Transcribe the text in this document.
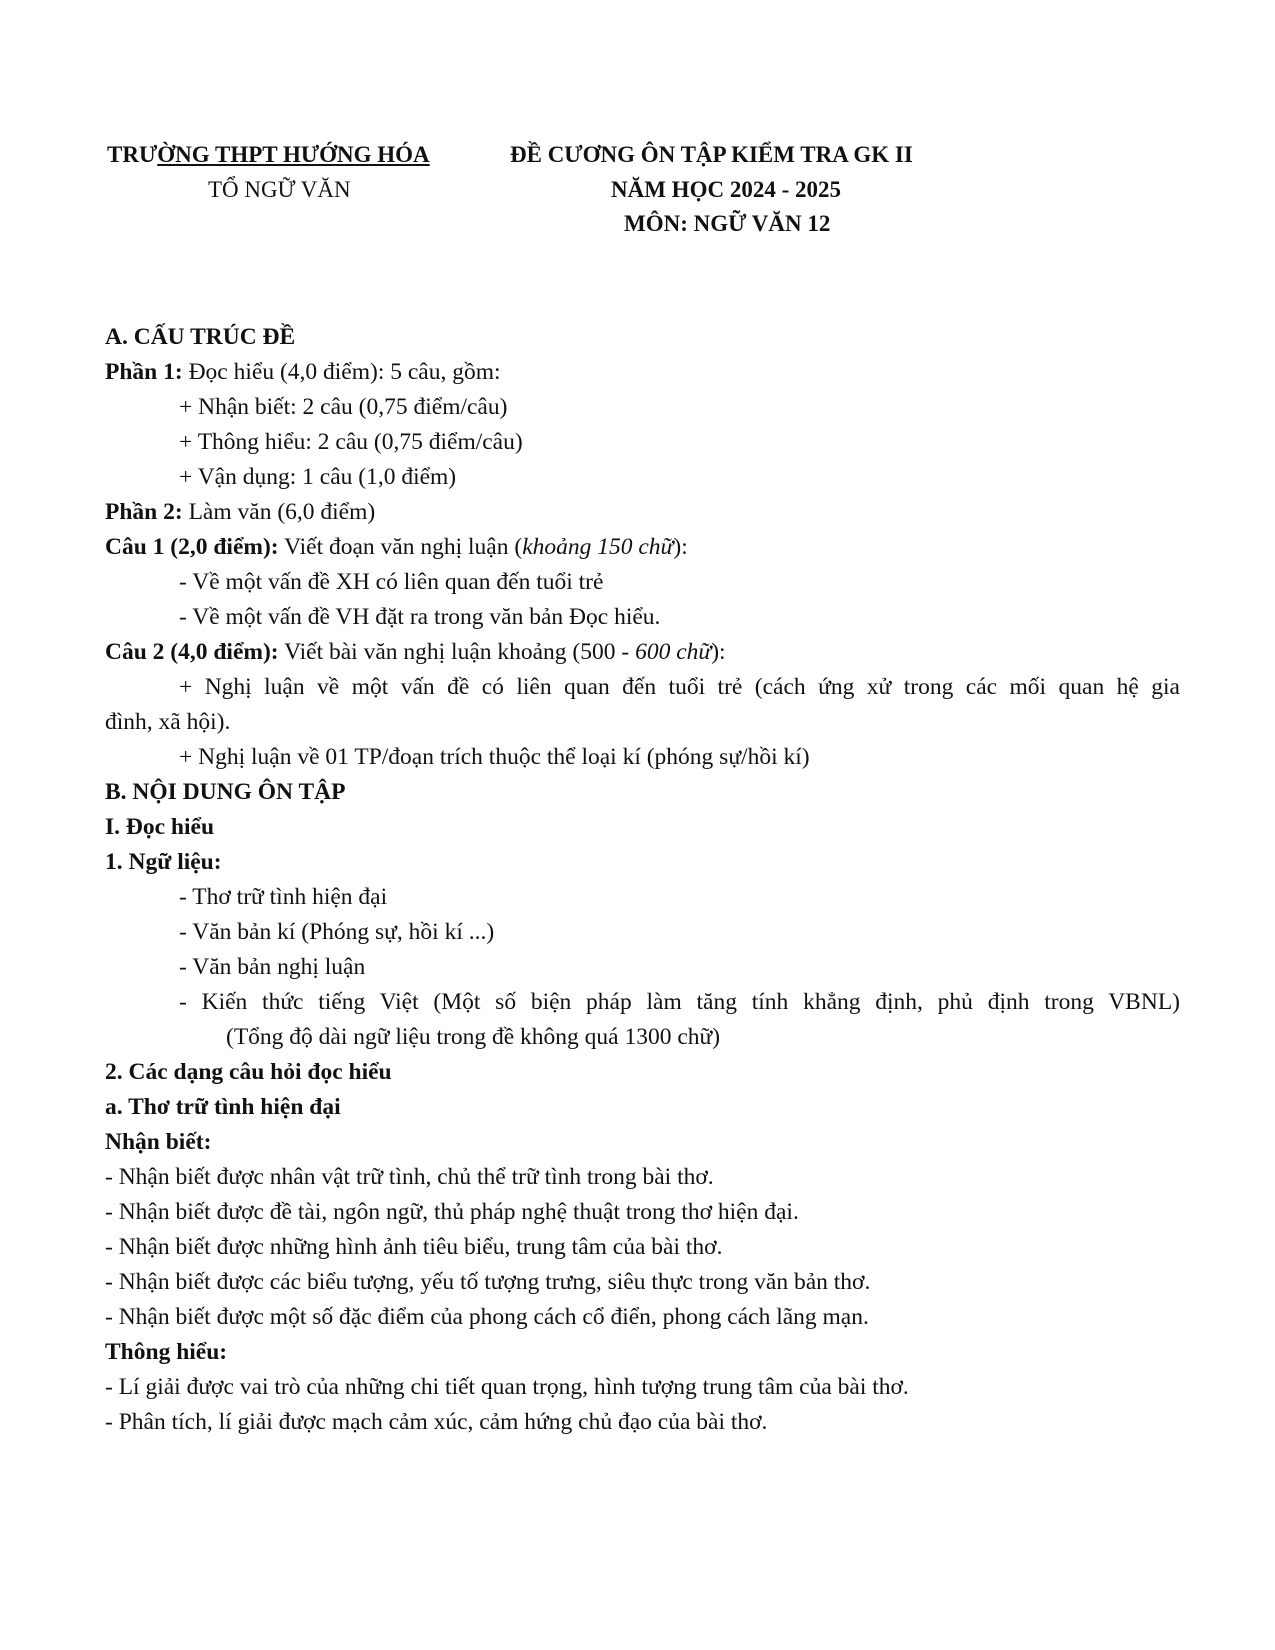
TRƯỜNG THPT HƯỚNG HÓA
TỔ NGỮ VĂN
ĐỀ CƯƠNG ÔN TẬP KIỂM TRA GK II
NĂM HỌC 2024 - 2025
MÔN: NGỮ VĂN 12
A. CẤU TRÚC ĐỀ
Phần 1: Đọc hiểu (4,0 điểm): 5 câu, gồm:
+ Nhận biết: 2 câu (0,75 điểm/câu)
+ Thông hiểu: 2 câu (0,75 điểm/câu)
+ Vận dụng: 1 câu (1,0 điểm)
Phần 2: Làm văn (6,0 điểm)
Câu 1 (2,0 điểm): Viết đoạn văn nghị luận (khoảng 150 chữ):
- Về một vấn đề XH có liên quan đến tuổi trẻ
- Về một vấn đề VH đặt ra trong văn bản Đọc hiểu.
Câu 2 (4,0 điểm): Viết bài văn nghị luận khoảng (500 - 600 chữ):
+ Nghị luận về một vấn đề có liên quan đến tuổi trẻ (cách ứng xử trong các mối quan hệ gia
đình, xã hội).
+ Nghị luận về 01 TP/đoạn trích thuộc thể loại kí (phóng sự/hồi kí)
B. NỘI DUNG ÔN TẬP
I. Đọc hiểu
1. Ngữ liệu:
- Thơ trữ tình hiện đại
- Văn bản kí (Phóng sự, hồi kí ...)
- Văn bản nghị luận
- Kiến thức tiếng Việt (Một số biện pháp làm tăng tính khẳng định, phủ định trong VBNL)
(Tổng độ dài ngữ liệu trong đề không quá 1300 chữ)
2. Các dạng câu hỏi đọc hiểu
a. Thơ trữ tình hiện đại
Nhận biết:
- Nhận biết được nhân vật trữ tình, chủ thể trữ tình trong bài thơ.
- Nhận biết được đề tài, ngôn ngữ, thủ pháp nghệ thuật trong thơ hiện đại.
- Nhận biết được những hình ảnh tiêu biểu, trung tâm của bài thơ.
- Nhận biết được các biểu tượng, yếu tố tượng trưng, siêu thực trong văn bản thơ.
- Nhận biết được một số đặc điểm của phong cách cổ điển, phong cách lãng mạn.
Thông hiểu:
- Lí giải được vai trò của những chi tiết quan trọng, hình tượng trung tâm của bài thơ.
- Phân tích, lí giải được mạch cảm xúc, cảm hứng chủ đạo của bài thơ.
